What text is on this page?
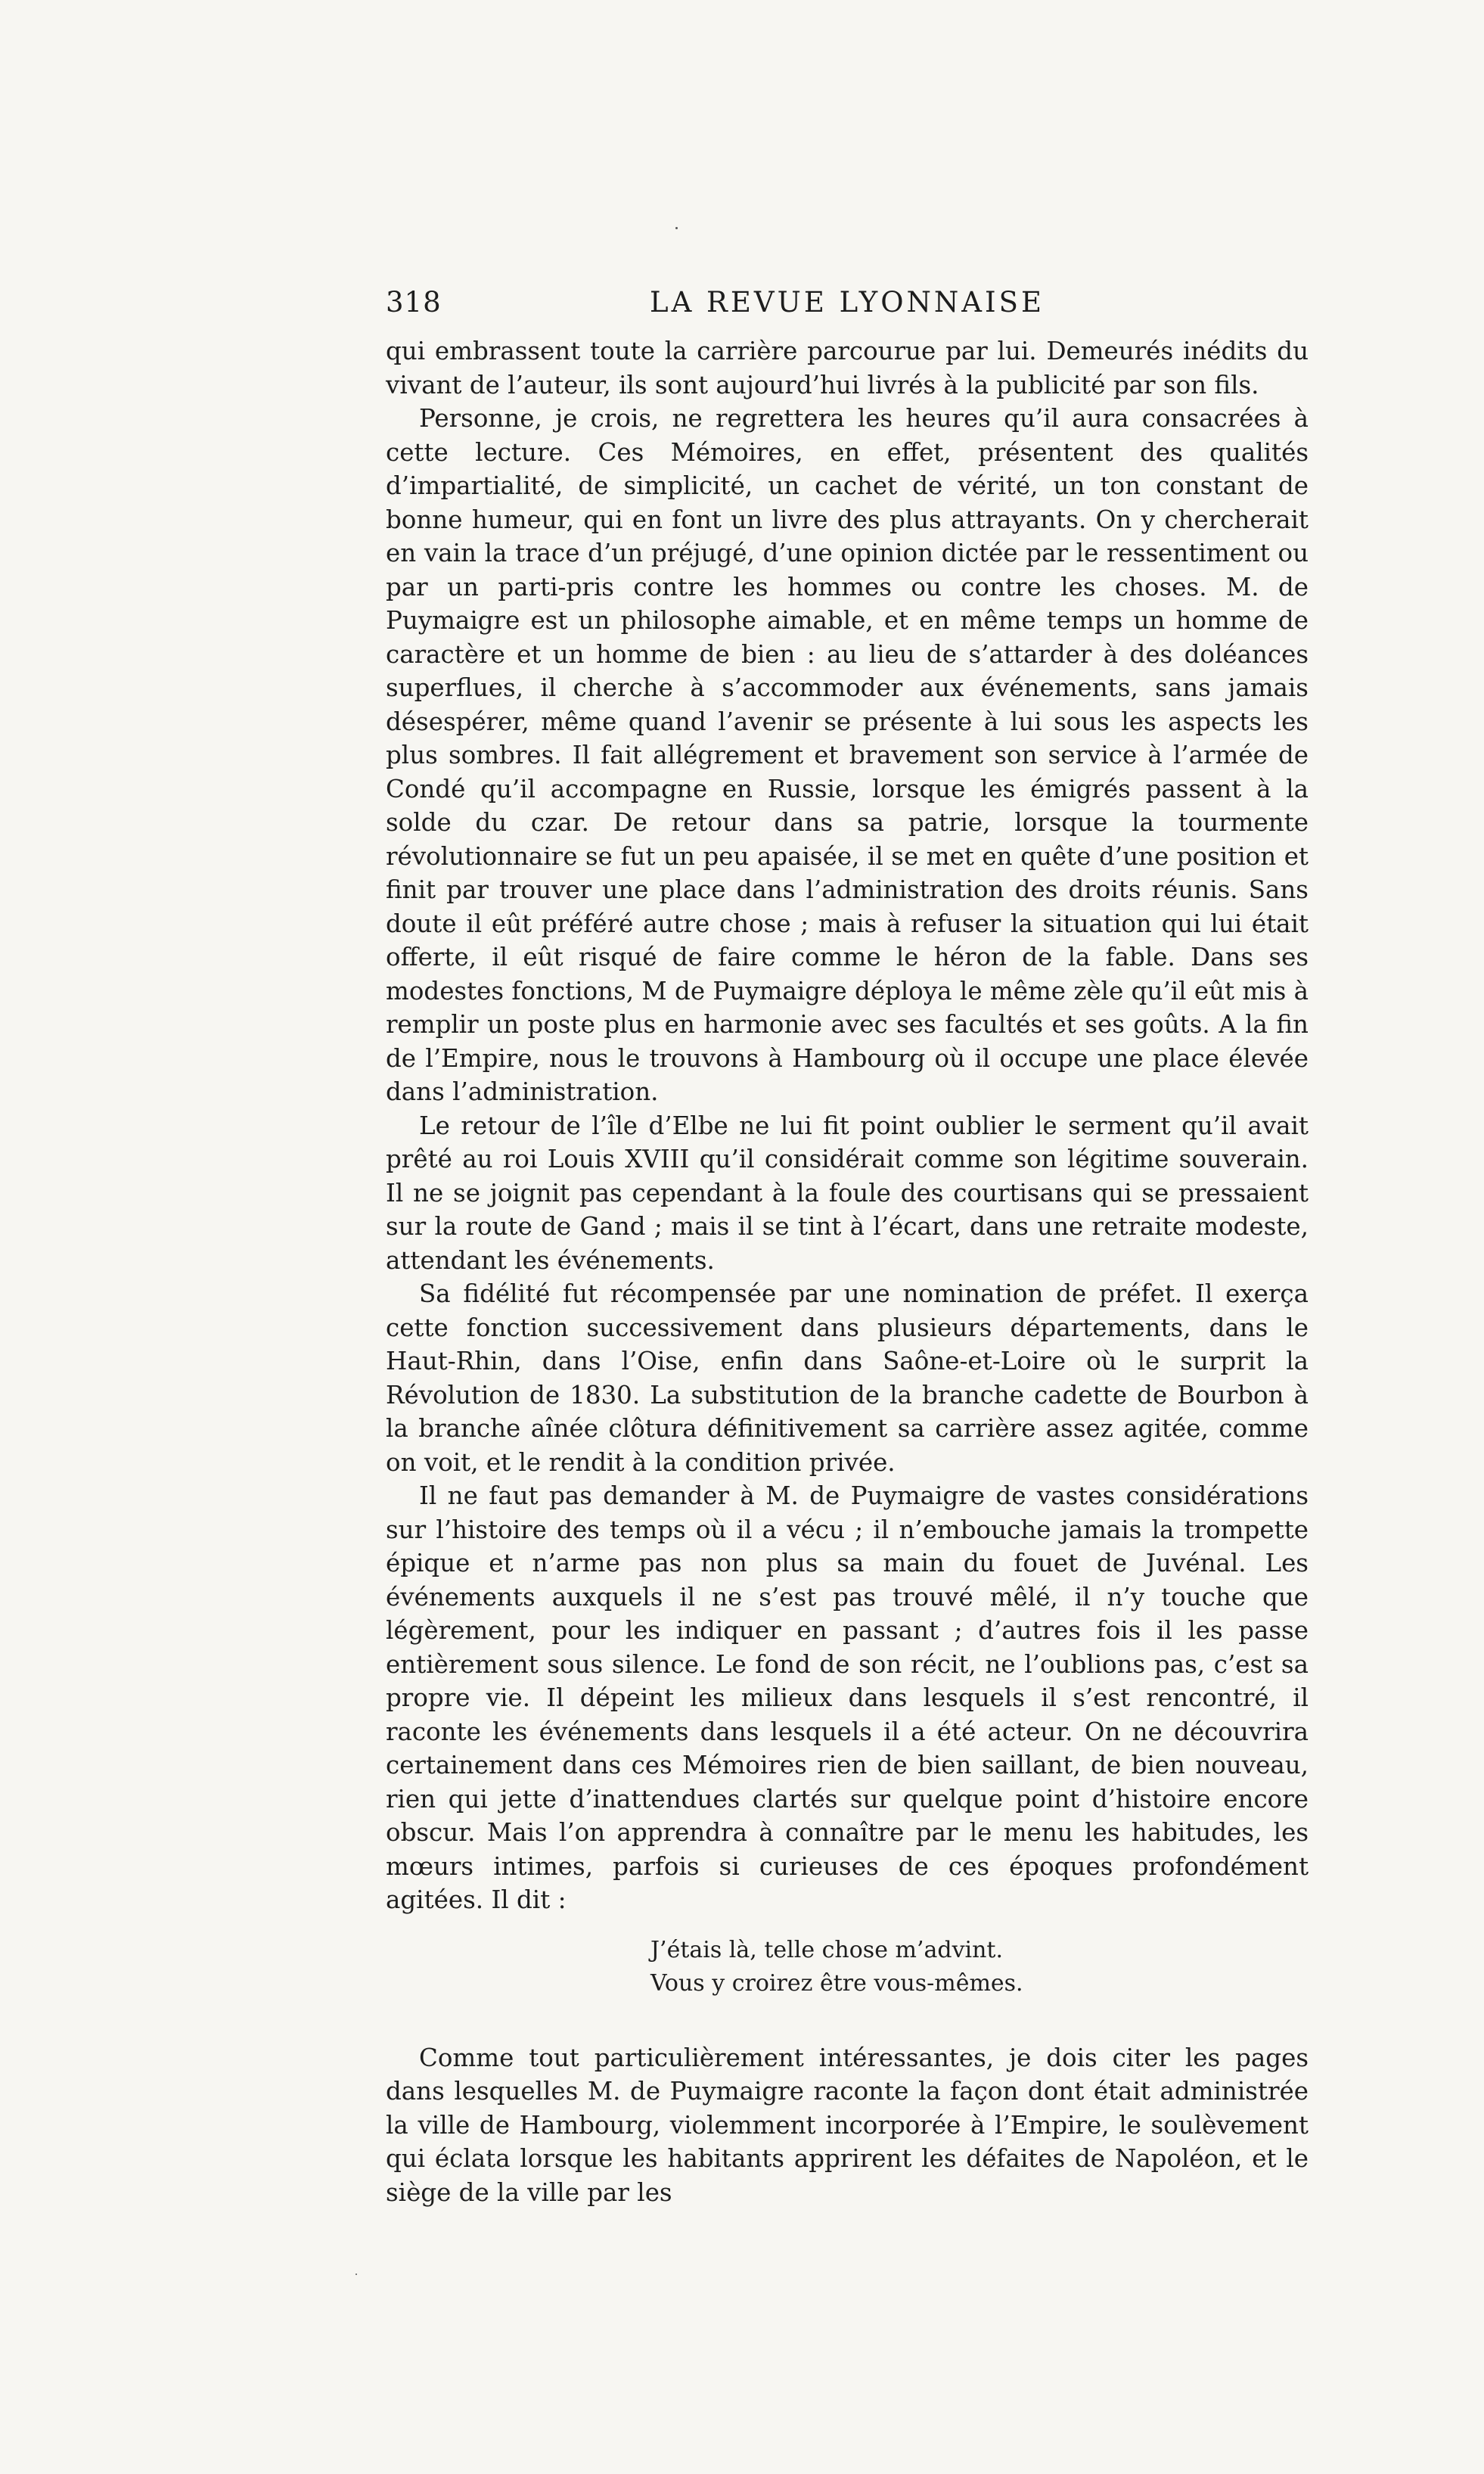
318	LA REVUE LYONNAISE

qui embrassent toute la carrière parcourue par lui. Demeurés inédits du vivant de l’auteur, ils sont aujourd’hui livrés à la publicité par son fils.

Personne, je crois, ne regrettera les heures qu’il aura consacrées à cette lecture. Ces Mémoires, en effet, présentent des qualités d’impartialité, de simplicité, un cachet de vérité, un ton constant de bonne humeur, qui en font un livre des plus attrayants. On y chercherait en vain la trace d’un préjugé, d’une opinion dictée par le ressentiment ou par un parti-pris contre les hommes ou contre les choses. M. de Puymaigre est un philosophe aimable, et en même temps un homme de caractère et un homme de bien : au lieu de s’attarder à des doléances superflues, il cherche à s’accommoder aux événements, sans jamais désespérer, même quand l’avenir se présente à lui sous les aspects les plus sombres. Il fait allégrement et bravement son service à l’armée de Condé qu’il accompagne en Russie, lorsque les émigrés passent à la solde du czar. De retour dans sa patrie, lorsque la tourmente révolutionnaire se fut un peu apaisée, il se met en quête d’une position et finit par trouver une place dans l’administration des droits réunis. Sans doute il eût préféré autre chose ; mais à refuser la situation qui lui était offerte, il eût risqué de faire comme le héron de la fable. Dans ses modestes fonctions, M de Puymaigre déploya le même zèle qu’il eût mis à remplir un poste plus en harmonie avec ses facultés et ses goûts. A la fin de l’Empire, nous le trouvons à Hambourg où il occupe une place élevée dans l’administration.

Le retour de l’île d’Elbe ne lui fit point oublier le serment qu’il avait prêté au roi Louis XVIII qu’il considérait comme son légitime souverain. Il ne se joignit pas cependant à la foule des courtisans qui se pressaient sur la route de Gand ; mais il se tint à l’écart, dans une retraite modeste, attendant les événements.

Sa fidélité fut récompensée par une nomination de préfet. Il exerça cette fonction successivement dans plusieurs départements, dans le Haut-Rhin, dans l’Oise, enfin dans Saône-et-Loire où le surprit la Révolution de 1830. La substitution de la branche cadette de Bourbon à la branche aînée clôtura définitivement sa carrière assez agitée, comme on voit, et le rendit à la condition privée.

Il ne faut pas demander à M. de Puymaigre de vastes considérations sur l’histoire des temps où il a vécu ; il n’embouche jamais la trompette épique et n’arme pas non plus sa main du fouet de Juvénal. Les événements auxquels il ne s’est pas trouvé mêlé, il n’y touche que légèrement, pour les indiquer en passant ; d’autres fois il les passe entièrement sous silence. Le fond de son récit, ne l’oublions pas, c’est sa propre vie. Il dépeint les milieux dans lesquels il s’est rencontré, il raconte les événements dans lesquels il a été acteur. On ne découvrira certainement dans ces Mémoires rien de bien saillant, de bien nouveau, rien qui jette d’inattendues clartés sur quelque point d’histoire encore obscur. Mais l’on apprendra à connaître par le menu les habitudes, les mœurs intimes, parfois si curieuses de ces époques profondément agitées. Il dit :

J’étais là, telle chose m’advint.
Vous y croirez être vous-mêmes.

Comme tout particulièrement intéressantes, je dois citer les pages dans lesquelles M. de Puymaigre raconte la façon dont était administrée la ville de Hambourg, violemment incorporée à l’Empire, le soulèvement qui éclata lorsque les habitants apprirent les défaites de Napoléon, et le siège de la ville par les
